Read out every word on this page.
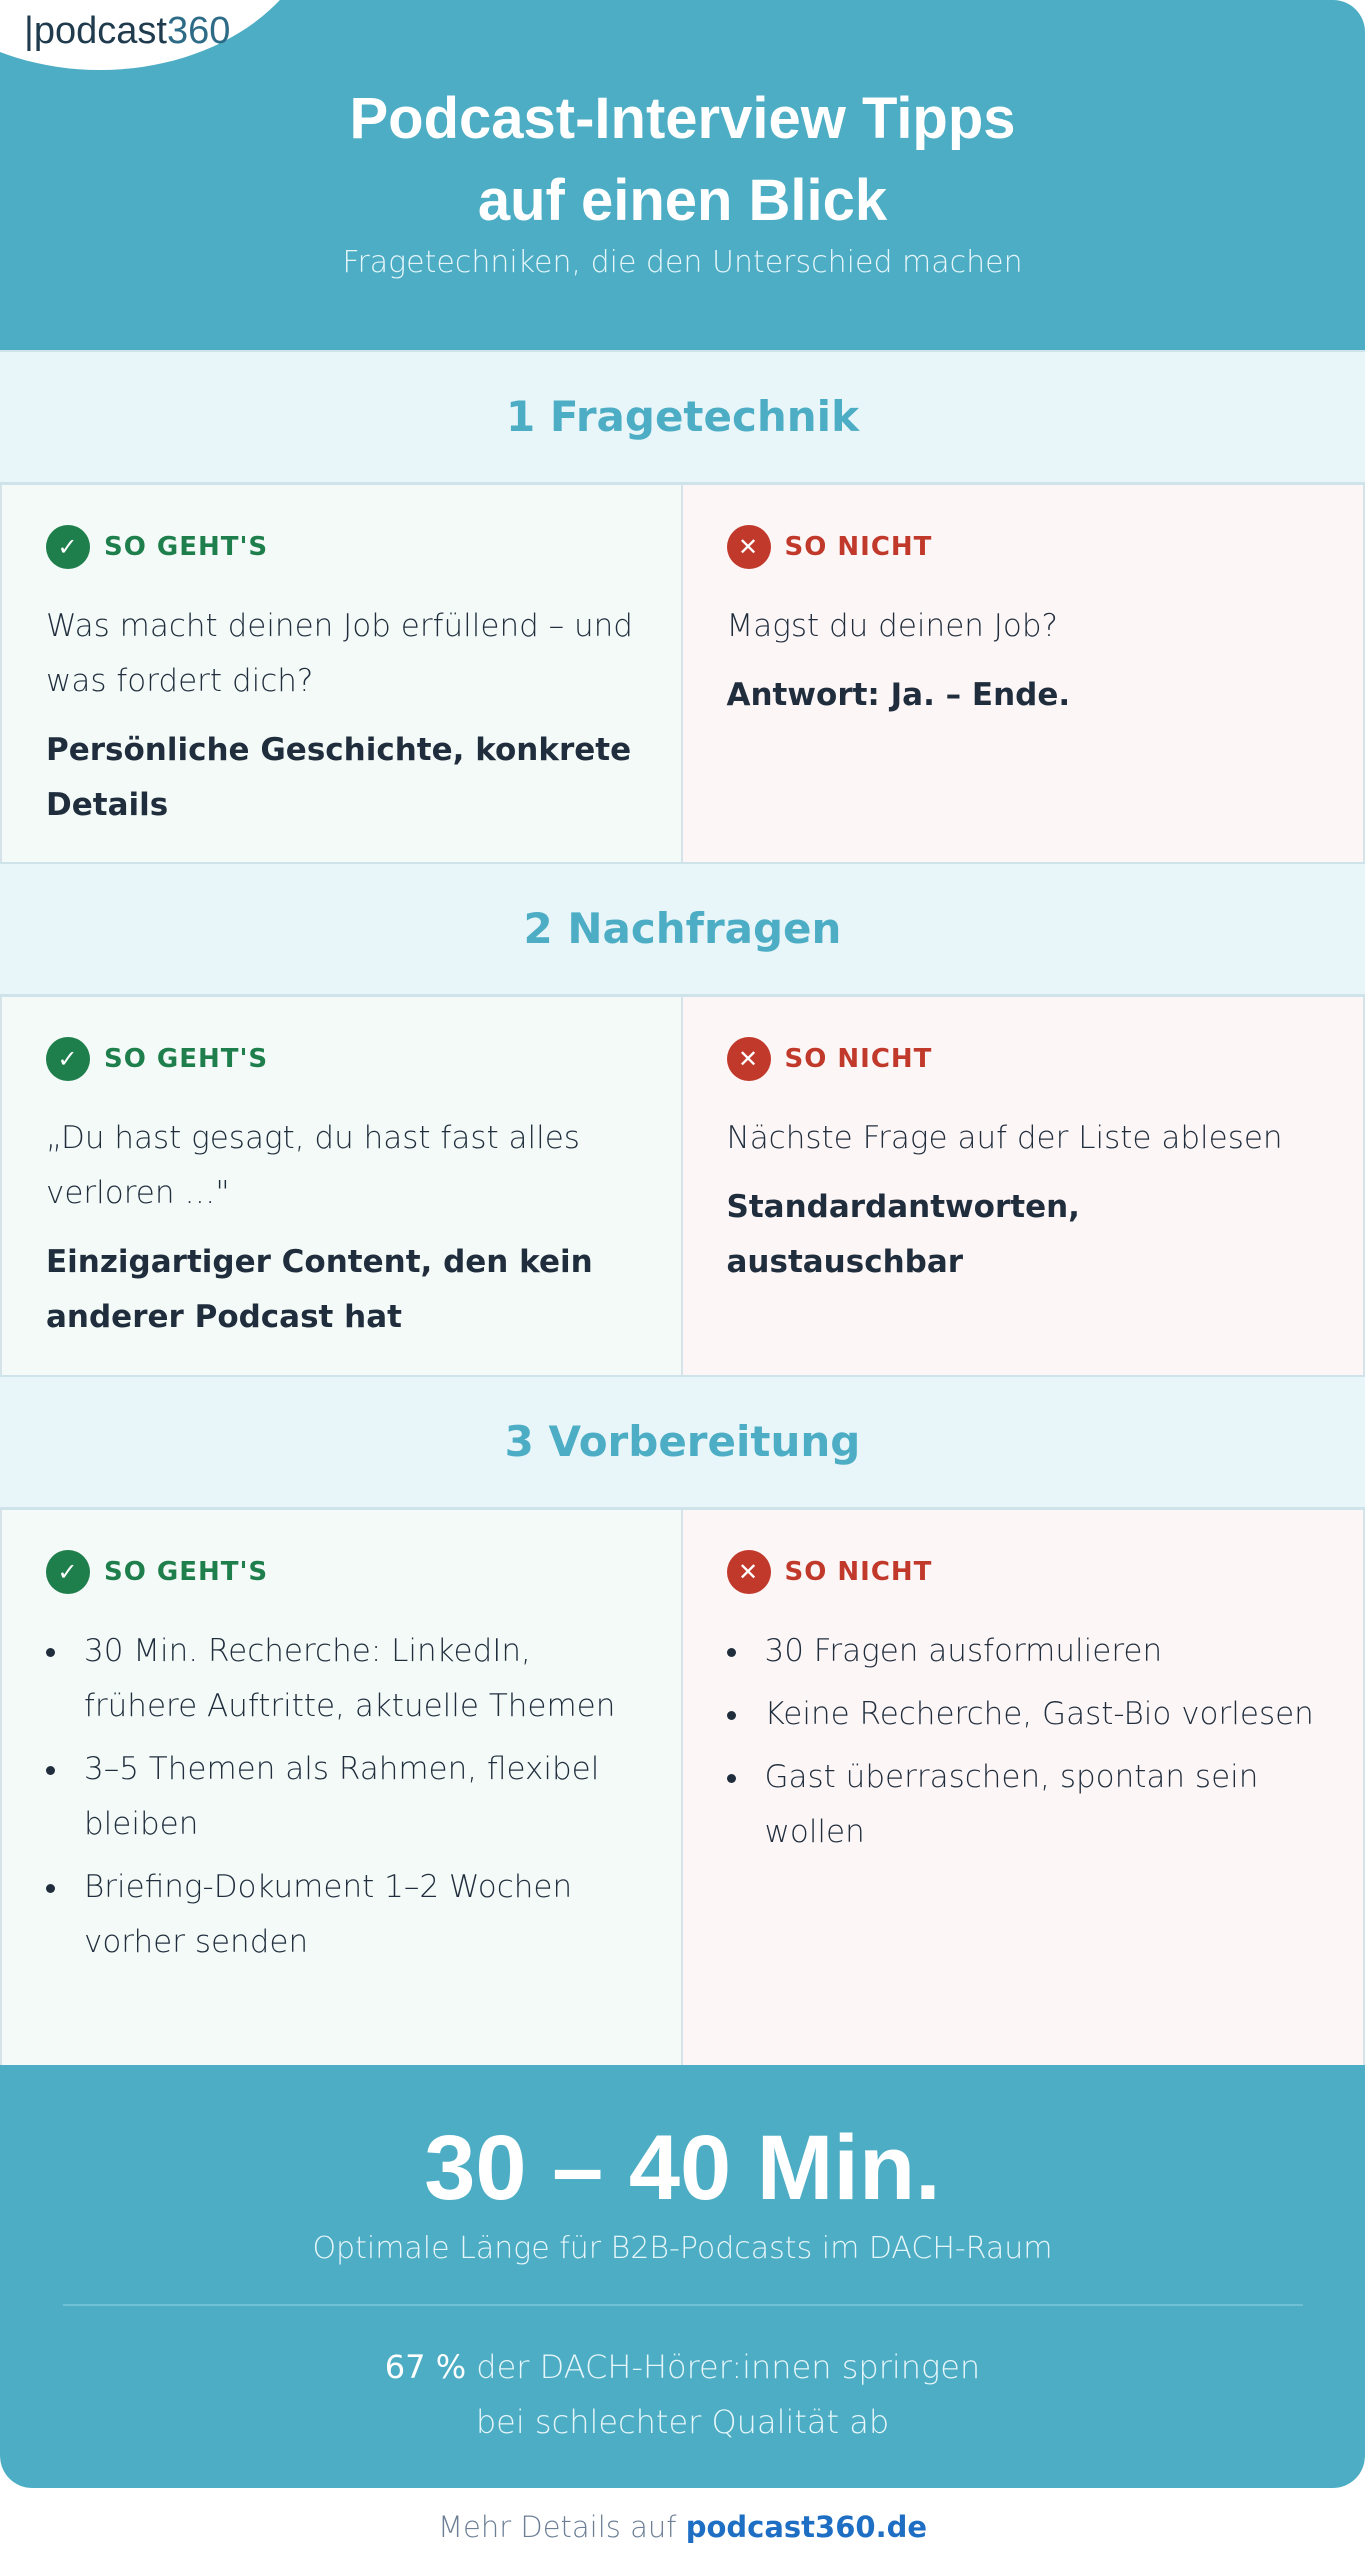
|podcast360
Podcast-Interview Tipps
auf einen Blick
Fragetechniken, die den Unterschied machen
1 Fragetechnik
✓ SO GEHT'S
Was macht deinen Job erfüllend – und was fordert dich?
Persönliche Geschichte, konkrete Details
✕ SO NICHT
Magst du deinen Job?
Antwort: Ja. – Ende.
2 Nachfragen
✓ SO GEHT'S
„Du hast gesagt, du hast fast alles verloren …"
Einzigartiger Content, den kein anderer Podcast hat
✕ SO NICHT
Nächste Frage auf der Liste ablesen
Standardantworten, austauschbar
3 Vorbereitung
✓ SO GEHT'S
30 Min. Recherche: LinkedIn, frühere Auftritte, aktuelle Themen
3–5 Themen als Rahmen, flexibel bleiben
Briefing-Dokument 1–2 Wochen vorher senden
✕ SO NICHT
30 Fragen ausformulieren
Keine Recherche, Gast-Bio vorlesen
Gast überraschen, spontan sein wollen
30 – 40 Min.
Optimale Länge für B2B-Podcasts im DACH-Raum
67 % der DACH-Hörer:innen springen
bei schlechter Qualität ab
Mehr Details auf podcast360.de
